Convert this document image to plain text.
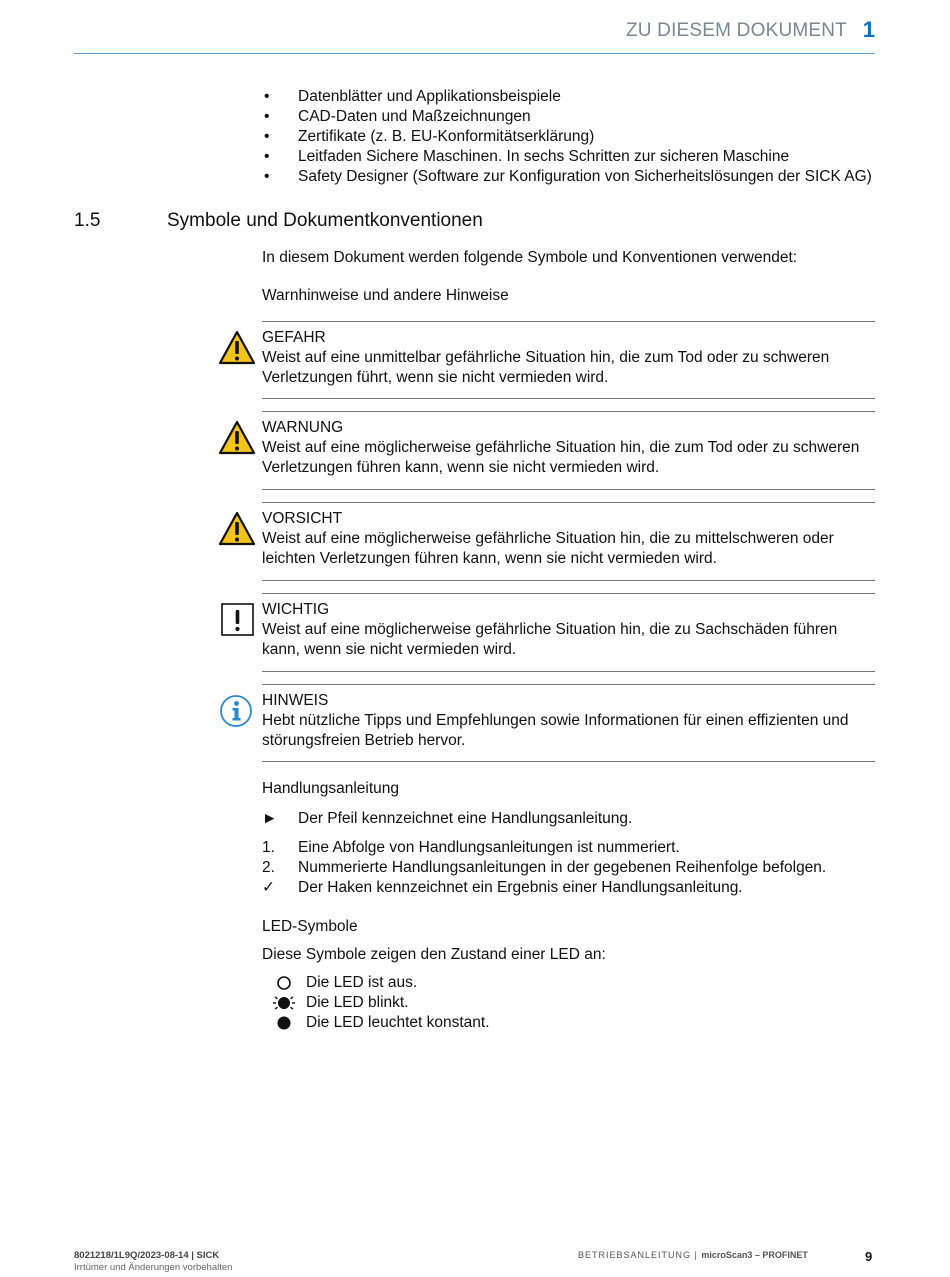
ZU DIESEM DOKUMENT 1
• Datenblätter und Applikationsbeispiele
• CAD-Daten und Maßzeichnungen
• Zertifikate (z. B. EU-Konformitätserklärung)
• Leitfaden Sichere Maschinen. In sechs Schritten zur sicheren Maschine
• Safety Designer (Software zur Konfiguration von Sicherheitslösungen der SICK AG)
1.5	Symbole und Dokumentkonventionen
In diesem Dokument werden folgende Symbole und Konventionen verwendet:
Warnhinweise und andere Hinweise
GEFAHR
Weist auf eine unmittelbar gefährliche Situation hin, die zum Tod oder zu schweren Verletzungen führt, wenn sie nicht vermieden wird.
WARNUNG
Weist auf eine möglicherweise gefährliche Situation hin, die zum Tod oder zu schweren Verletzungen führen kann, wenn sie nicht vermieden wird.
VORSICHT
Weist auf eine möglicherweise gefährliche Situation hin, die zu mittelschweren oder leichten Verletzungen führen kann, wenn sie nicht vermieden wird.
WICHTIG
Weist auf eine möglicherweise gefährliche Situation hin, die zu Sachschäden führen kann, wenn sie nicht vermieden wird.
HINWEIS
Hebt nützliche Tipps und Empfehlungen sowie Informationen für einen effizienten und störungsfreien Betrieb hervor.
Handlungsanleitung
► Der Pfeil kennzeichnet eine Handlungsanleitung.
1. Eine Abfolge von Handlungsanleitungen ist nummeriert.
2. Nummerierte Handlungsanleitungen in der gegebenen Reihenfolge befolgen.
✓ Der Haken kennzeichnet ein Ergebnis einer Handlungsanleitung.
LED-Symbole
Diese Symbole zeigen den Zustand einer LED an:
Die LED ist aus.
Die LED blinkt.
Die LED leuchtet konstant.
8021218/1L9Q/2023-08-14 | SICK
Irrtümer und Änderungen vorbehalten
BETRIEBSANLEITUNG | microScan3 – PROFINET	9
